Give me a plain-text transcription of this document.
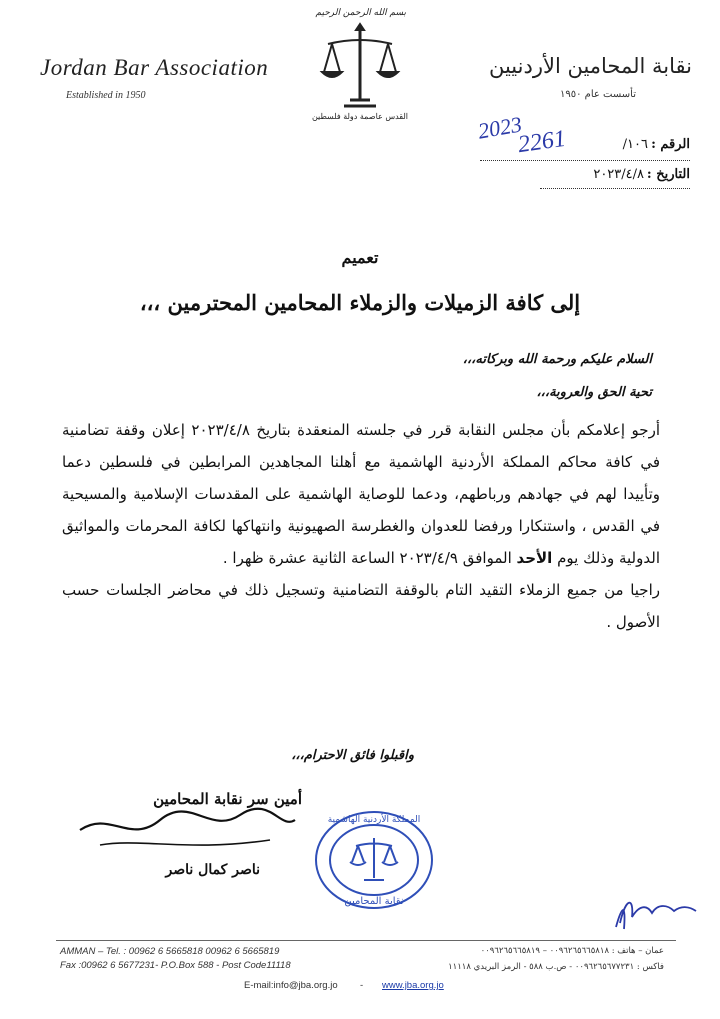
Jordan Bar Association
Established in 1950
نقابة المحامين الأردنيين
تأسست عام ١٩٥٠
بسم الله الرحمن الرحيم
القدس عاصمة دولة فلسطين
الرقم :
١٠٦/
2261
2023
التاريخ :
٢٠٢٣/٤/٨
تعميم
إلى كافة الزميلات والزملاء المحامين المحترمين ،،،
السلام عليكم ورحمة الله وبركاته،،،
تحية الحق والعروبة،،،

أرجو إعلامكم بأن مجلس النقابة قرر في جلسته المنعقدة بتاريخ ٢٠٢٣/٤/٨ إعلان وقفة تضامنية في كافة محاكم المملكة الأردنية الهاشمية مع أهلنا المجاهدين المرابطين في فلسطين دعما وتأييدا لهم في جهادهم ورباطهم، ودعما للوصاية الهاشمية على المقدسات الإسلامية والمسيحية في القدس ، واستنكارا ورفضا للعدوان والغطرسة الصهيونية وانتهاكها لكافة المحرمات والمواثيق الدولية وذلك يوم الأحد الموافق ٢٠٢٣/٤/٩ الساعة الثانية عشرة ظهرا .

راجيا من جميع الزملاء التقيد التام بالوقفة التضامنية وتسجيل ذلك في محاضر الجلسات حسب الأصول .

واقبلوا فائق الاحترام،،،
أمين سر نقابة المحامين
ناصر كمال ناصر
المملكة الأردنية الهاشمية
نقابة المحامين
AMMAN – Tel. : 00962 6 5665818 00962 6 5665819
Fax :00962 6 5677231- P.O.Box 588 - Post Code11118
عمان – هاتف : ٠٠٩٦٢٦٥٦٦٥٨١٨ – ٠٠٩٦٢٦٥٦٦٥٨١٩
فاكس : ٠٠٩٦٢٦٥٦٧٧٢٣١ - ص.ب ٥٨٨ - الرمز البريدي ١١١١٨
E-mail:info@jba.org.jo - www.jba.org.jo
